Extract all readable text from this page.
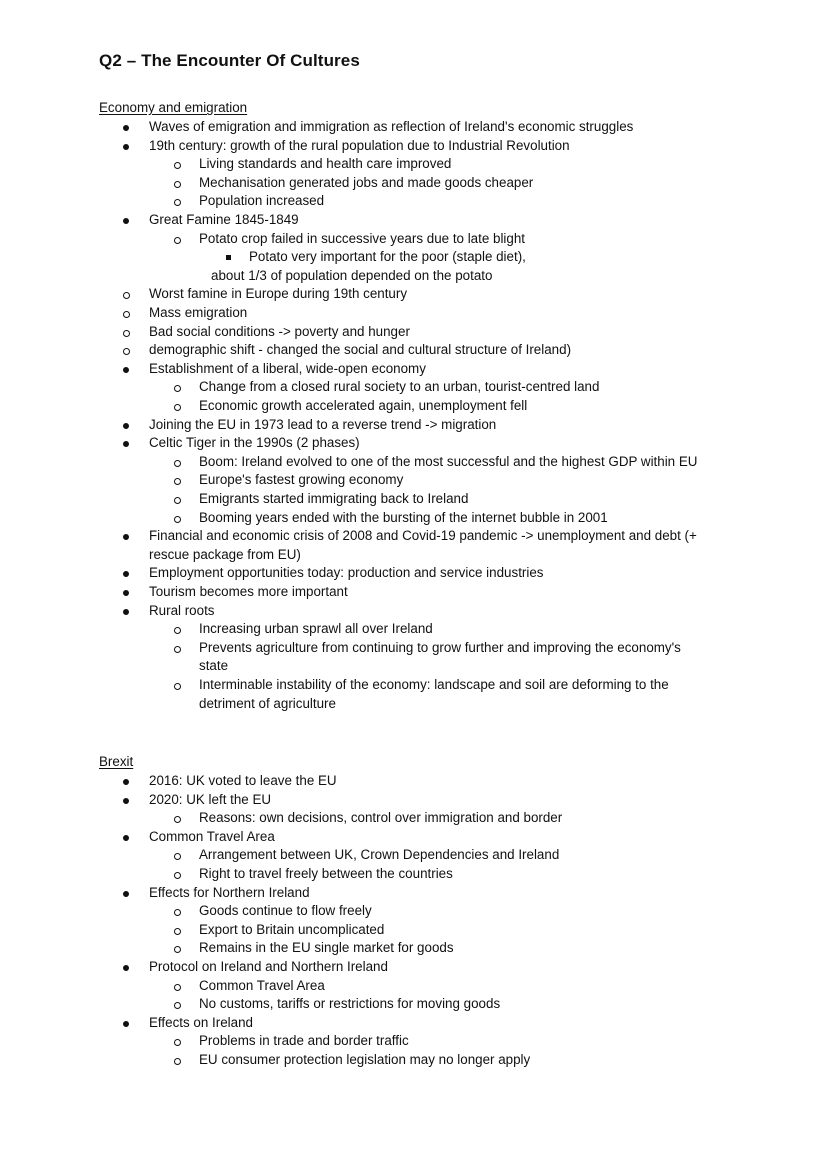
Q2 – The Encounter Of Cultures
Economy and emigration
Waves of emigration and immigration as reflection of Ireland's economic struggles
19th century: growth of the rural population due to Industrial Revolution
Living standards and health care improved
Mechanisation generated jobs and made goods cheaper
Population increased
Great Famine 1845-1849
Potato crop failed in successive years due to late blight
Potato very important for the poor (staple diet),
about 1/3 of population depended on the potato
Worst famine in Europe during 19th century
Mass emigration
Bad social conditions -> poverty and hunger
demographic shift - changed the social and cultural structure of Ireland)
Establishment of a liberal, wide-open economy
Change from a closed rural society to an urban, tourist-centred land
Economic growth accelerated again, unemployment fell
Joining the EU in 1973 lead to a reverse trend -> migration
Celtic Tiger in the 1990s (2 phases)
Boom: Ireland evolved to one of the most successful and the highest GDP within EU
Europe's fastest growing economy
Emigrants started immigrating back to Ireland
Booming years ended with the bursting of the internet bubble in 2001
Financial and economic crisis of 2008 and Covid-19 pandemic -> unemployment and debt (+
rescue package from EU)
Employment opportunities today: production and service industries
Tourism becomes more important
Rural roots
Increasing urban sprawl all over Ireland
Prevents agriculture from continuing to grow further and improving the economy's
state
Interminable instability of the economy: landscape and soil are deforming to the
detriment of agriculture
Brexit
2016: UK voted to leave the EU
2020: UK left the EU
Reasons: own decisions, control over immigration and border
Common Travel Area
Arrangement between UK, Crown Dependencies and Ireland
Right to travel freely between the countries
Effects for Northern Ireland
Goods continue to flow freely
Export to Britain uncomplicated
Remains in the EU single market for goods
Protocol on Ireland and Northern Ireland
Common Travel Area
No customs, tariffs or restrictions for moving goods
Effects on Ireland
Problems in trade and border traffic
EU consumer protection legislation may no longer apply
